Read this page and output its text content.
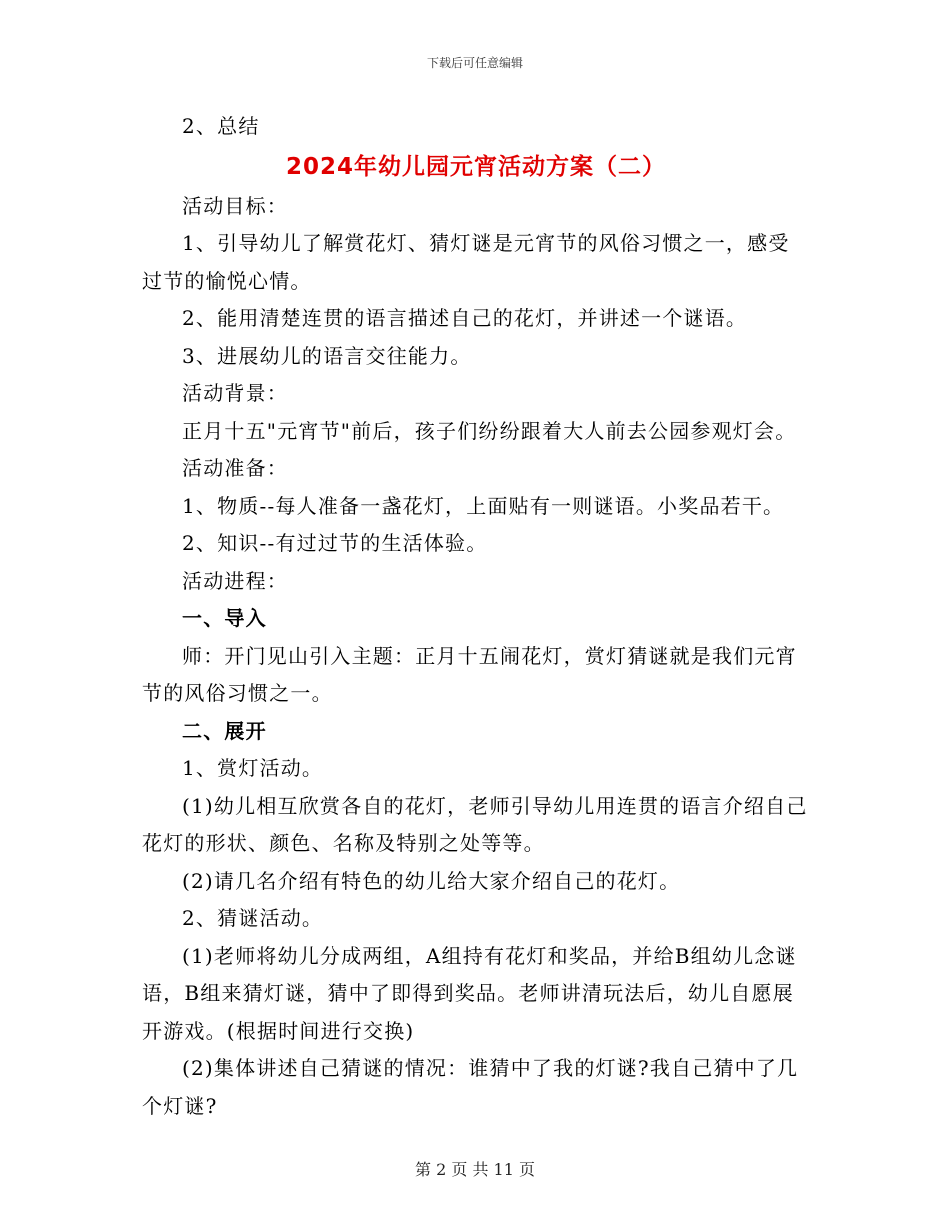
下载后可任意编辑

2、总结

2024年幼儿园元宵活动方案（二）

活动目标：

1、引导幼儿了解赏花灯、猜灯谜是元宵节的风俗习惯之一，感受过节的愉悦心情。

2、能用清楚连贯的语言描述自己的花灯，并讲述一个谜语。

3、进展幼儿的语言交往能力。

活动背景：

正月十五"元宵节"前后，孩子们纷纷跟着大人前去公园参观灯会。

活动准备：

1、物质--每人准备一盏花灯，上面贴有一则谜语。小奖品若干。

2、知识--有过过节的生活体验。

活动进程：

一、导入

师：开门见山引入主题：正月十五闹花灯，赏灯猜谜就是我们元宵节的风俗习惯之一。

二、展开

1、赏灯活动。

(1)幼儿相互欣赏各自的花灯，老师引导幼儿用连贯的语言介绍自己花灯的形状、颜色、名称及特别之处等等。

(2)请几名介绍有特色的幼儿给大家介绍自己的花灯。

2、猜谜活动。

(1)老师将幼儿分成两组，A组持有花灯和奖品，并给B组幼儿念谜语，B组来猜灯谜，猜中了即得到奖品。老师讲清玩法后，幼儿自愿展开游戏。(根据时间进行交换)

(2)集体讲述自己猜谜的情况：谁猜中了我的灯谜?我自己猜中了几个灯谜?

第 2 页 共 11 页
